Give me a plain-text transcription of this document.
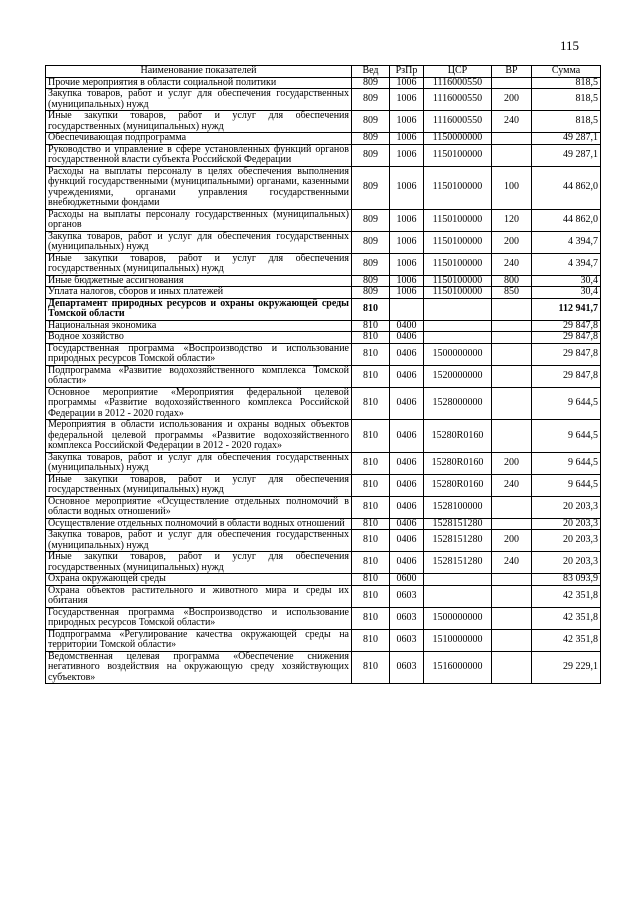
115
Наименование показателей	Вед	РзПр	ЦСР	ВР	Сумма
Прочие мероприятия в области социальной политики	809	1006	1116000550		818,5
Закупка товаров, работ и услуг для обеспечения государственных (муниципальных) нужд	809	1006	1116000550	200	818,5
Иные закупки товаров, работ и услуг для обеспечения государственных (муниципальных) нужд	809	1006	1116000550	240	818,5
Обеспечивающая подпрограмма	809	1006	1150000000		49 287,1
Руководство и управление в сфере установленных функций органов государственной власти субъекта Российской Федерации	809	1006	1150100000		49 287,1
Расходы на выплаты персоналу в целях обеспечения выполнения функций государственными (муниципальными) органами, казенными учреждениями, органами управления государственными внебюджетными фондами	809	1006	1150100000	100	44 862,0
Расходы на выплаты персоналу государственных (муниципальных) органов	809	1006	1150100000	120	44 862,0
Закупка товаров, работ и услуг для обеспечения государственных (муниципальных) нужд	809	1006	1150100000	200	4 394,7
Иные закупки товаров, работ и услуг для обеспечения государственных (муниципальных) нужд	809	1006	1150100000	240	4 394,7
Иные бюджетные ассигнования	809	1006	1150100000	800	30,4
Уплата налогов, сборов и иных платежей	809	1006	1150100000	850	30,4
Департамент природных ресурсов и охраны окружающей среды Томской области	810				112 941,7
Национальная экономика	810	0400			29 847,8
Водное хозяйство	810	0406			29 847,8
Государственная программа «Воспроизводство и использование природных ресурсов Томской области»	810	0406	1500000000		29 847,8
Подпрограмма «Развитие водохозяйственного комплекса Томской области»	810	0406	1520000000		29 847,8
Основное мероприятие «Мероприятия федеральной целевой программы «Развитие водохозяйственного комплекса Российской Федерации в 2012 - 2020 годах»	810	0406	1528000000		9 644,5
Мероприятия в области использования и охраны водных объектов федеральной целевой программы «Развитие водохозяйственного комплекса Российской Федерации в 2012 - 2020 годах»	810	0406	15280R0160		9 644,5
Закупка товаров, работ и услуг для обеспечения государственных (муниципальных) нужд	810	0406	15280R0160	200	9 644,5
Иные закупки товаров, работ и услуг для обеспечения государственных (муниципальных) нужд	810	0406	15280R0160	240	9 644,5
Основное мероприятие «Осуществление отдельных полномочий в области водных отношений»	810	0406	1528100000		20 203,3
Осуществление отдельных полномочий в области водных отношений	810	0406	1528151280		20 203,3
Закупка товаров, работ и услуг для обеспечения государственных (муниципальных) нужд	810	0406	1528151280	200	20 203,3
Иные закупки товаров, работ и услуг для обеспечения государственных (муниципальных) нужд	810	0406	1528151280	240	20 203,3
Охрана окружающей среды	810	0600			83 093,9
Охрана объектов растительного и животного мира и среды их обитания	810	0603			42 351,8
Государственная программа «Воспроизводство и использование природных ресурсов Томской области»	810	0603	1500000000		42 351,8
Подпрограмма «Регулирование качества окружающей среды на территории Томской области»	810	0603	1510000000		42 351,8
Ведомственная целевая программа «Обеспечение снижения негативного воздействия на окружающую среду хозяйствующих субъектов»	810	0603	1516000000		29 229,1
